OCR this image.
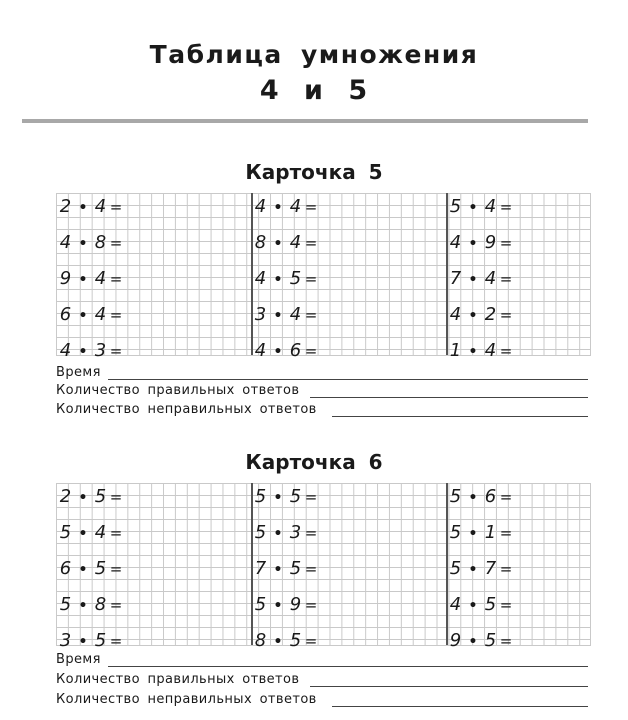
Таблица умножения
4 и 5
Карточка 5
2 • 4 =
4 • 8 =
9 • 4 =
6 • 4 =
4 • 3 =
4 • 4 =
8 • 4 =
4 • 5 =
3 • 4 =
4 • 6 =
5 • 4 =
4 • 9 =
7 • 4 =
4 • 2 =
1 • 4 =
Время
Количество правильных ответов
Количество неправильных ответов
Карточка 6
2 • 5 =
5 • 4 =
6 • 5 =
5 • 8 =
3 • 5 =
5 • 5 =
5 • 3 =
7 • 5 =
5 • 9 =
8 • 5 =
5 • 6 =
5 • 1 =
5 • 7 =
4 • 5 =
9 • 5 =
Время
Количество правильных ответов
Количество неправильных ответов
